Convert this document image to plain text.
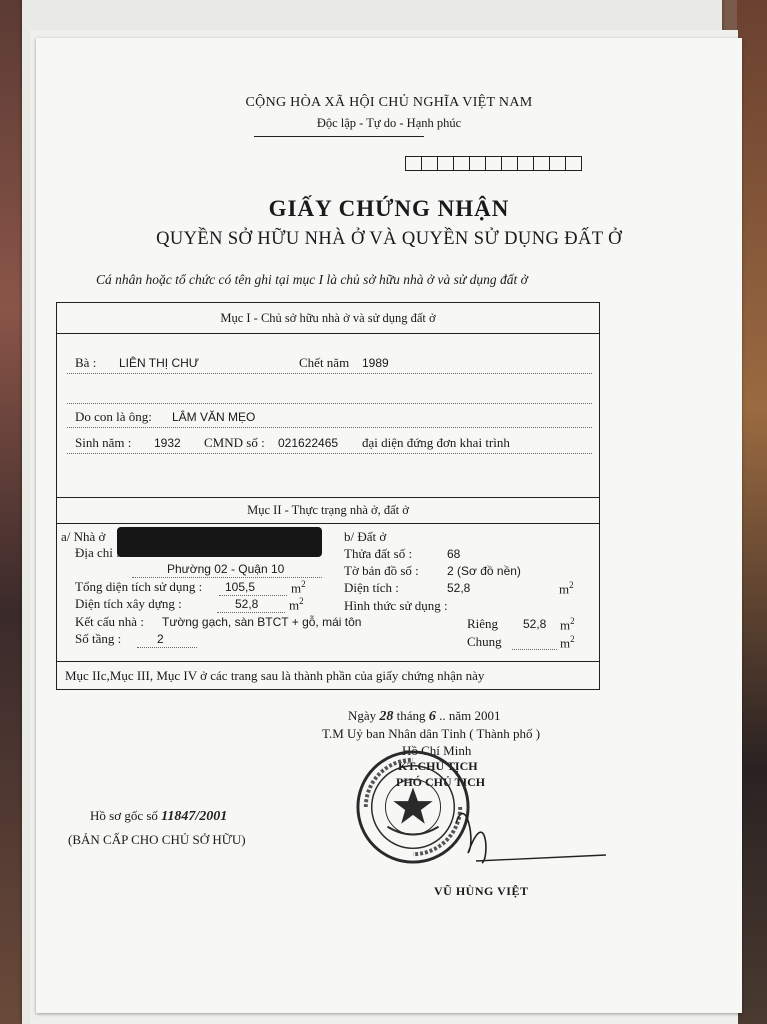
CỘNG HÒA XÃ HỘI CHỦ NGHĨA VIỆT NAM
Độc lập - Tự do - Hạnh phúc
GIẤY CHỨNG NHẬN
QUYỀN SỞ HỮU NHÀ Ở VÀ QUYỀN SỬ DỤNG ĐẤT Ở
Cá nhân hoặc tổ chức có tên ghi tại mục I là chủ sở hữu nhà ở và sử dụng đất ở
Mục I - Chủ sở hữu nhà ở và sử dụng đất ở
Bà : LIÊN THỊ CHƯ	Chết năm 1989
Do con là ông: LÂM VĂN MẸO
Sinh năm : 1932 CMND số : 021622465 đại diện đứng đơn khai trình
Mục II - Thực trạng nhà ở, đất ở
a/ Nhà ở
Địa chỉ :
Phường 02 - Quận 10
Tổng diện tích sử dụng : 105,5	$m^2$
Diện tích xây dựng :	52,8 $m^2$
Kết cấu nhà : Tường gạch, sàn BTCT + gỗ, mái tôn
Số tầng :	2
b/ Đất ở
Thửa đất số :	68
Tờ bản đồ số : 2 (Sơ đồ nền)
Diện tích :	52,8	$m^2$
Hình thức sử dụng :
Riêng 52,8 $m^2$
Chung	$m^2$
Mục IIc,Mục III, Mục IV ở các trang sau là thành phần của giấy chứng nhận này
Ngày 28 tháng 6 .. năm 2001
T.M Uỷ ban Nhân dân Tỉnh ( Thành phố )
Hồ Chí Minh
KT.CHỦ TỊCH
PHÓ CHỦ TỊCH
VŨ HÙNG VIỆT
Hồ sơ gốc số 11847/2001
(BẢN CẤP CHO CHỦ SỞ HỮU)
